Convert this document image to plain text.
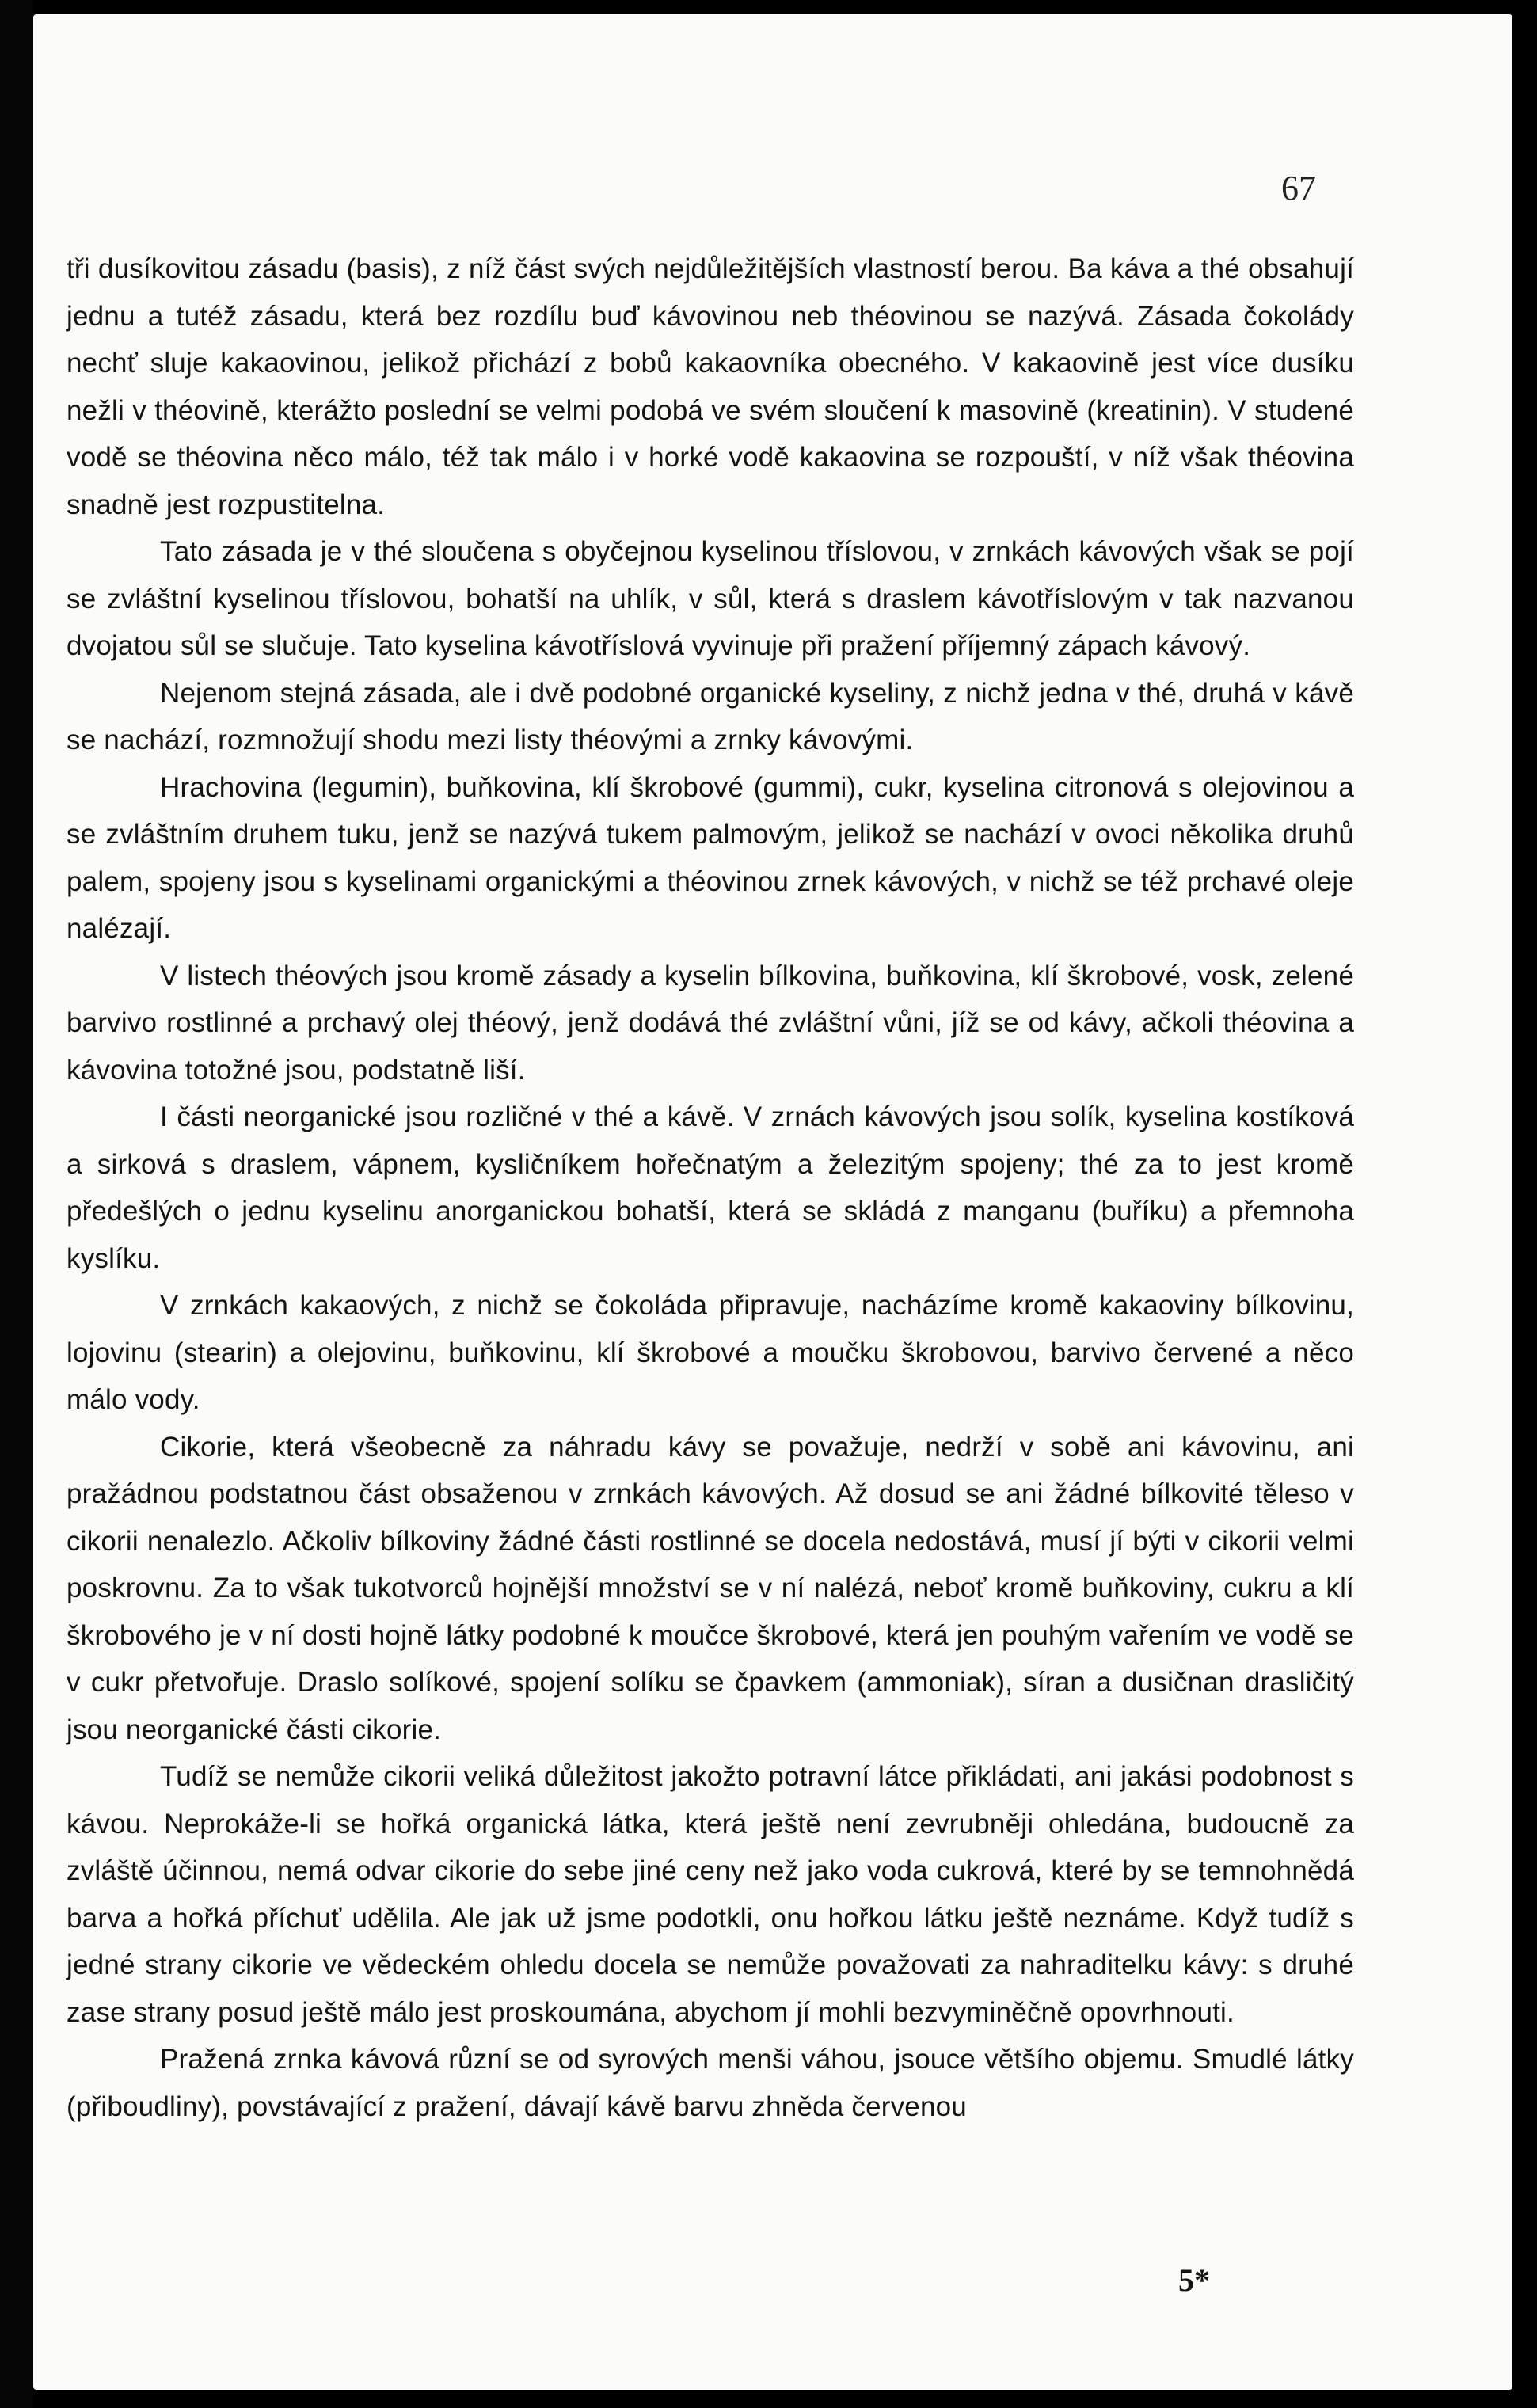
67

tři dusíkovitou zásadu (basis), z níž část svých nejdůležitějších vlastností berou. Ba káva a thé obsahují jednu a tutéž zásadu, která bez rozdílu buď kávovinou neb théovinou se nazývá. Zásada čokolády nechť sluje kakaovinou, jelikož přichází z bobů kakaovníka obecného. V kakaovině jest více dusíku nežli v théovině, kterážto poslední se velmi podobá ve svém sloučení k masovině (kreatinin). V studené vodě se théovina něco málo, též tak málo i v horké vodě kakaovina se rozpouští, v níž však théovina snadně jest rozpustitelna.

Tato zásada je v thé sloučena s obyčejnou kyselinou tříslovou, v zrnkách kávových však se pojí se zvláštní kyselinou tříslovou, bohatší na uhlík, v sůl, která s draslem kávotříslovým v tak nazvanou dvojatou sůl se slučuje. Tato kyselina kávotříslová vyvinuje při pražení příjemný zápach kávový.

Nejenom stejná zásada, ale i dvě podobné organické kyseliny, z nichž jedna v thé, druhá v kávě se nachází, rozmnožují shodu mezi listy théovými a zrnky kávovými.

Hrachovina (legumin), buňkovina, klí škrobové (gummi), cukr, kyselina citronová s olejovinou a se zvláštním druhem tuku, jenž se nazývá tukem palmovým, jelikož se nachází v ovoci několika druhů palem, spojeny jsou s kyselinami organickými a théovinou zrnek kávových, v nichž se též prchavé oleje nalézají.

V listech théových jsou kromě zásady a kyselin bílkovina, buňkovina, klí škrobové, vosk, zelené barvivo rostlinné a prchavý olej théový, jenž dodává thé zvláštní vůni, jíž se od kávy, ačkoli théovina a kávovina totožné jsou, podstatně liší.

I části neorganické jsou rozličné v thé a kávě. V zrnách kávových jsou solík, kyselina kostíková a sirková s draslem, vápnem, kysličníkem hořečnatým a železitým spojeny; thé za to jest kromě předešlých o jednu kyselinu anorganickou bohatší, která se skládá z manganu (buříku) a přemnoha kyslíku.

V zrnkách kakaových, z nichž se čokoláda připravuje, nacházíme kromě kakaoviny bílkovinu, lojovinu (stearin) a olejovinu, buňkovinu, klí škrobové a moučku škrobovou, barvivo červené a něco málo vody.

Cikorie, která všeobecně za náhradu kávy se považuje, nedrží v sobě ani kávovinu, ani pražádnou podstatnou část obsaženou v zrnkách kávových. Až dosud se ani žádné bílkovité těleso v cikorii nenalezlo. Ačkoliv bílkoviny žádné části rostlinné se docela nedostává, musí jí býti v cikorii velmi poskrovnu. Za to však tukotvorců hojnější množství se v ní nalézá, neboť kromě buňkoviny, cukru a klí škrobového je v ní dosti hojně látky podobné k moučce škrobové, která jen pouhým vařením ve vodě se v cukr přetvořuje. Draslo solíkové, spojení solíku se čpavkem (ammoniak), síran a dusičnan drasličitý jsou neorganické části cikorie.

Tudíž se nemůže cikorii veliká důležitost jakožto potravní látce přikládati, ani jakási podobnost s kávou. Neprokáže-li se hořká organická látka, která ještě není zevrubněji ohledána, budoucně za zvláště účinnou, nemá odvar cikorie do sebe jiné ceny než jako voda cukrová, které by se temnohnědá barva a hořká příchuť udělila. Ale jak už jsme podotkli, onu hořkou látku ještě neznáme. Když tudíž s jedné strany cikorie ve vědeckém ohledu docela se nemůže považovati za nahraditelku kávy: s druhé zase strany posud ještě málo jest proskoumána, abychom jí mohli bezvyminěčně opovrhnouti.

Pražená zrnka kávová různí se od syrových menši váhou, jsouce většího objemu. Smudlé látky (přiboudliny), povstávající z pražení, dávají kávě barvu zhněda červenou

5*
